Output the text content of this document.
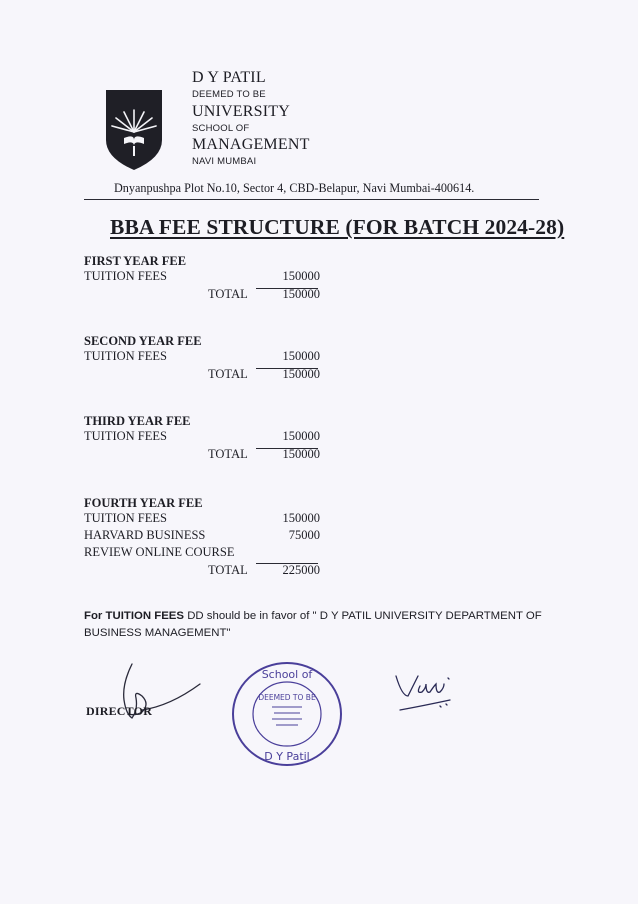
D Y PATIL
DEEMED TO BE
UNIVERSITY
SCHOOL OF
MANAGEMENT
NAVI MUMBAI
Dnyanpushpa Plot No.10, Sector 4, CBD-Belapur, Navi Mumbai-400614.
BBA FEE STRUCTURE (FOR BATCH 2024-28)
FIRST YEAR FEE
TUITION FEES	150000
TOTAL	150000
SECOND YEAR FEE
TUITION FEES	150000
TOTAL	150000
THIRD YEAR FEE
TUITION FEES	150000
TOTAL	150000
FOURTH YEAR FEE
TUITION FEES	150000
HARVARD BUSINESS	75000
REVIEW ONLINE COURSE
TOTAL	225000
For TUITION FEES DD should be in favor of " D Y PATIL UNIVERSITY DEPARTMENT OF BUSINESS MANAGEMENT"
DIRECTOR
School of
DEEMED TO BE
D Y Patil
